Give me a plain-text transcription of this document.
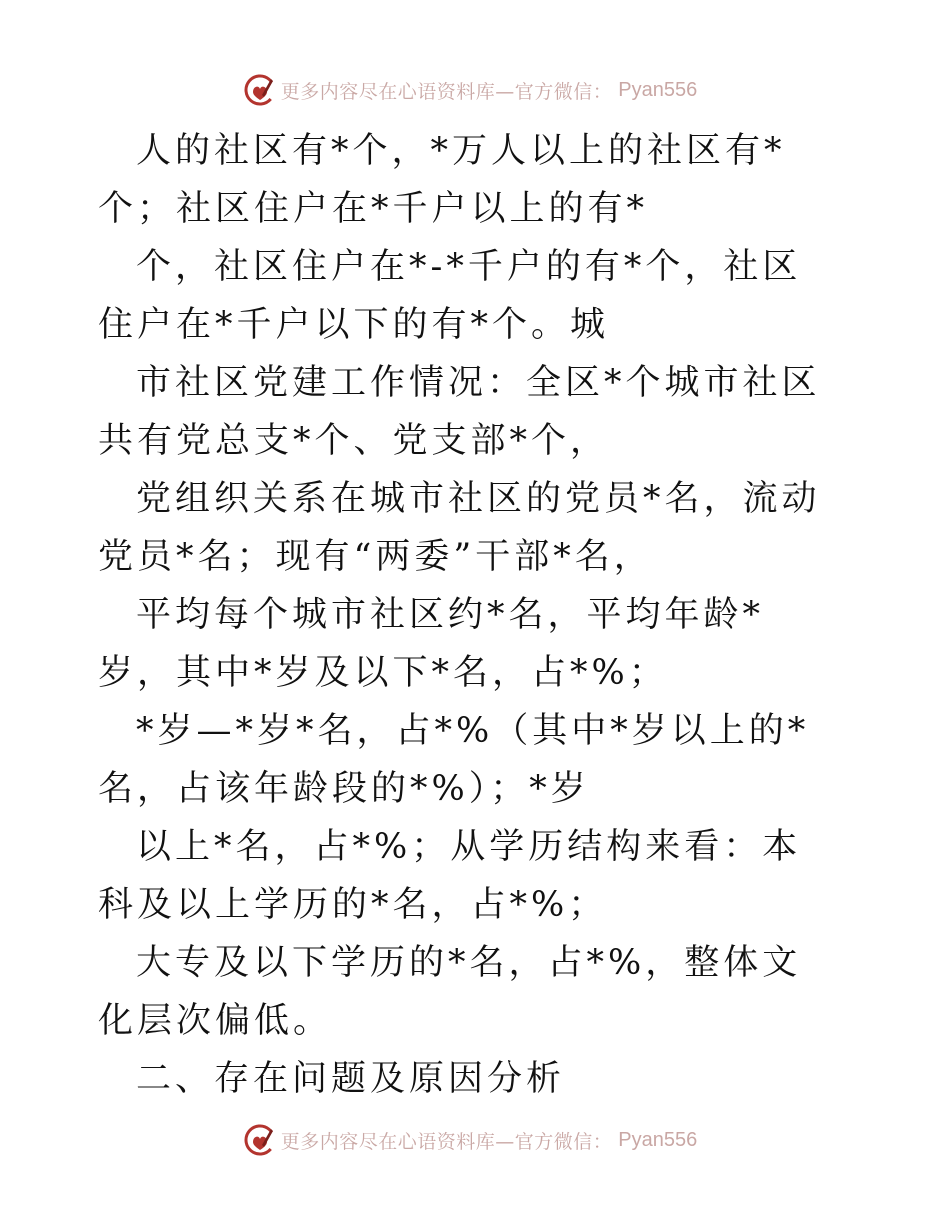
更多内容尽在心语资料库—官方微信： Pyan556

人的社区有*个，*万人以上的社区有*个；社区住户在*千户以上的有*

个，社区住户在*-*千户的有*个，社区住户在*千户以下的有*个。城

市社区党建工作情况：全区*个城市社区共有党总支*个、党支部*个，

党组织关系在城市社区的党员*名，流动党员*名；现有“两委”干部*名，

平均每个城市社区约*名，平均年龄*岁，其中*岁及以下*名，占*%；

*岁—*岁*名，占*%（其中*岁以上的*名，占该年龄段的*%）；*岁

以上*名，占*%；从学历结构来看：本科及以上学历的*名，占*%；

大专及以下学历的*名，占*%，整体文化层次偏低。

二、存在问题及原因分析

更多内容尽在心语资料库—官方微信： Pyan556
